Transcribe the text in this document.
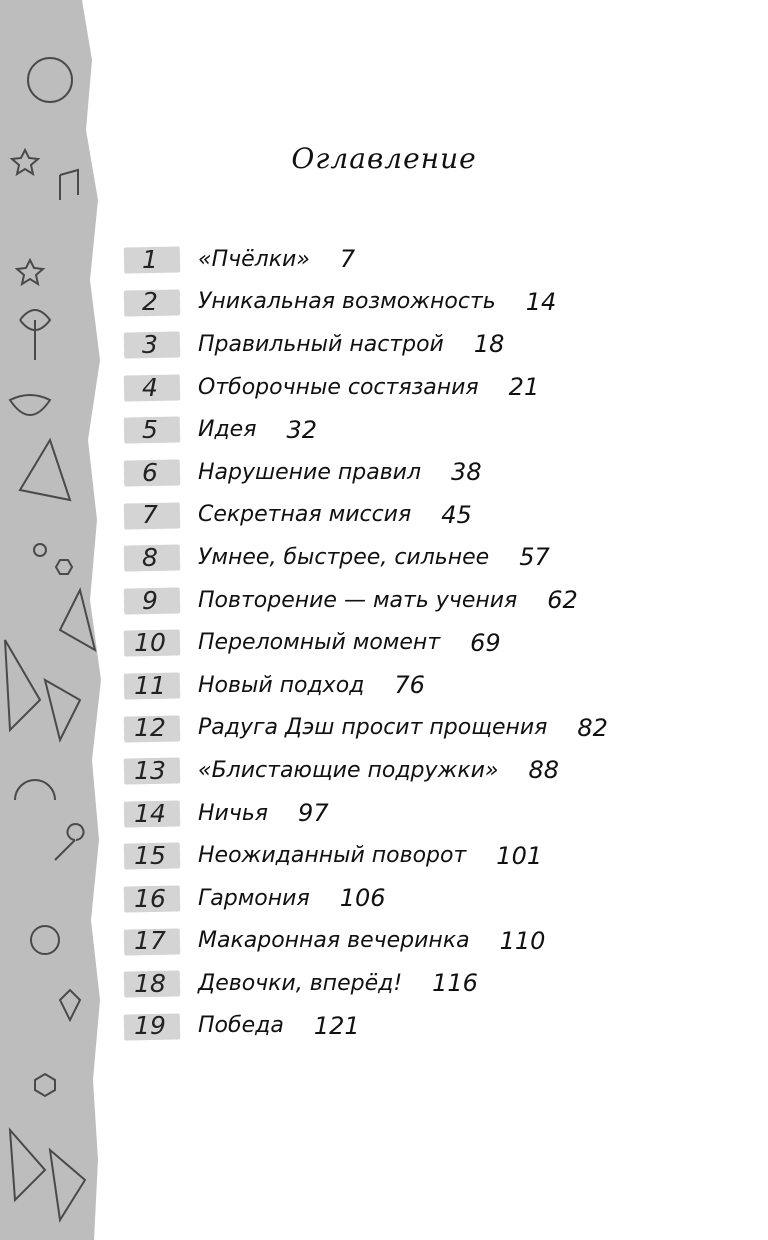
Оглавление
1 «Пчёлки» 7
2 Уникальная возможность 14
3 Правильный настрой 18
4 Отборочные состязания 21
5 Идея 32
6 Нарушение правил 38
7 Секретная миссия 45
8 Умнее, быстрее, сильнее 57
9 Повторение — мать учения 62
10 Переломный момент 69
11 Новый подход 76
12 Радуга Дэш просит прощения 82
13 «Блистающие подружки» 88
14 Ничья 97
15 Неожиданный поворот 101
16 Гармония 106
17 Макаронная вечеринка 110
18 Девочки, вперёд! 116
19 Победа 121
